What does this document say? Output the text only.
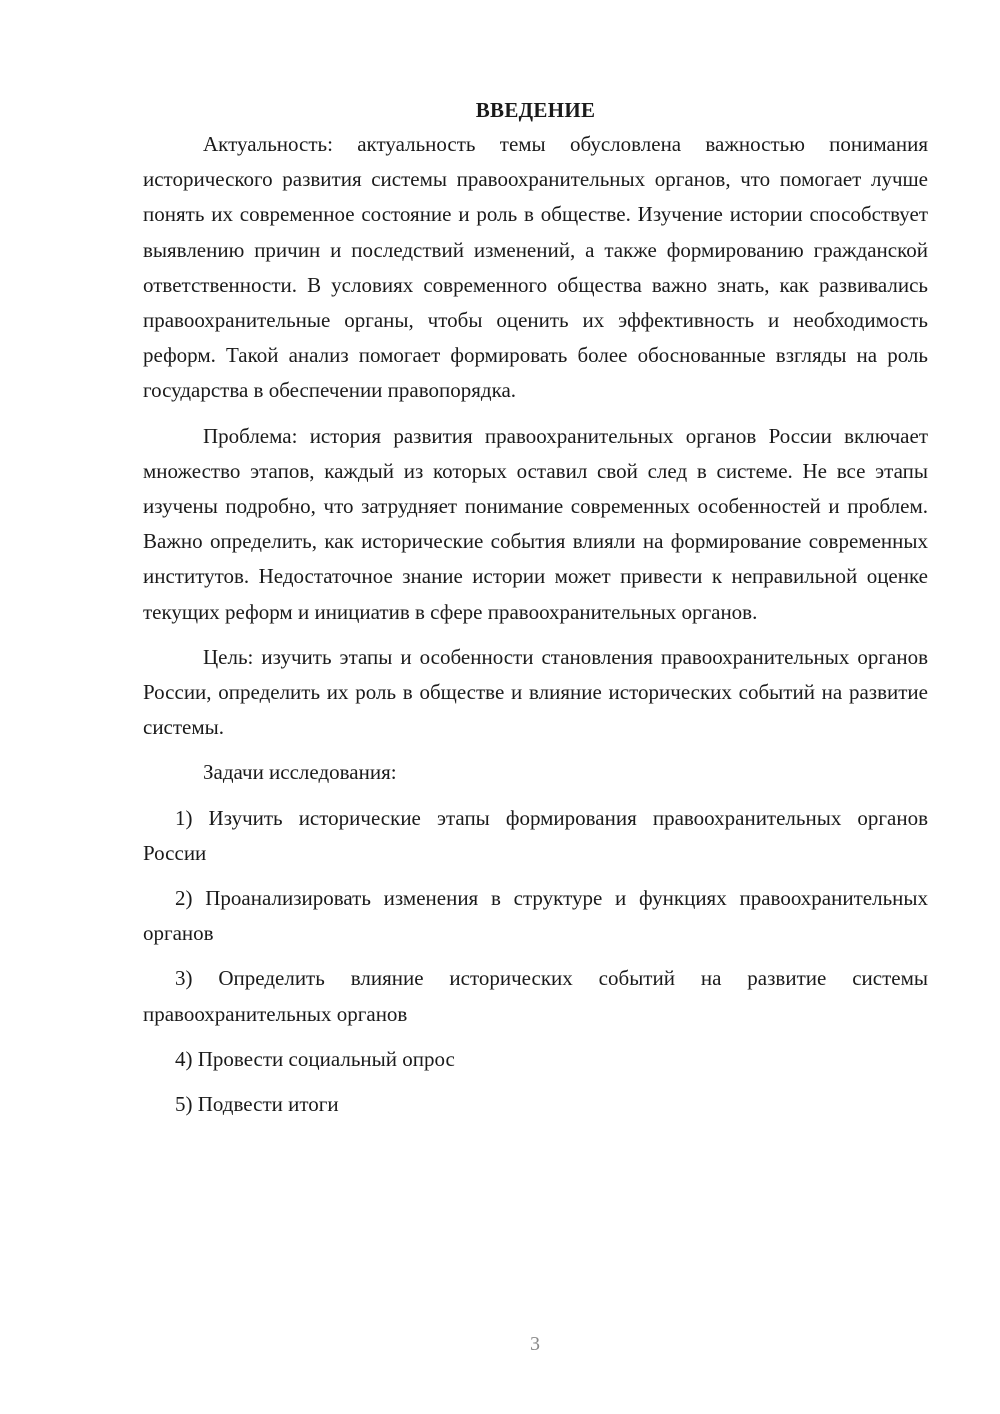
ВВЕДЕНИЕ

Актуальность: актуальность темы обусловлена важностью понимания исторического развития системы правоохранительных органов, что помогает лучше понять их современное состояние и роль в обществе. Изучение истории способствует выявлению причин и последствий изменений, а также формированию гражданской ответственности. В условиях современного общества важно знать, как развивались правоохранительные органы, чтобы оценить их эффективность и необходимость реформ. Такой анализ помогает формировать более обоснованные взгляды на роль государства в обеспечении правопорядка.

Проблема: история развития правоохранительных органов России включает множество этапов, каждый из которых оставил свой след в системе. Не все этапы изучены подробно, что затрудняет понимание современных особенностей и проблем. Важно определить, как исторические события влияли на формирование современных институтов. Недостаточное знание истории может привести к неправильной оценке текущих реформ и инициатив в сфере правоохранительных органов.

Цель: изучить этапы и особенности становления правоохранительных органов России, определить их роль в обществе и влияние исторических событий на развитие системы.

Задачи исследования:

1) Изучить исторические этапы формирования правоохранительных органов России

2) Проанализировать изменения в структуре и функциях правоохранительных органов

3) Определить влияние исторических событий на развитие системы правоохранительных органов

4) Провести социальный опрос

5) Подвести итоги

3
